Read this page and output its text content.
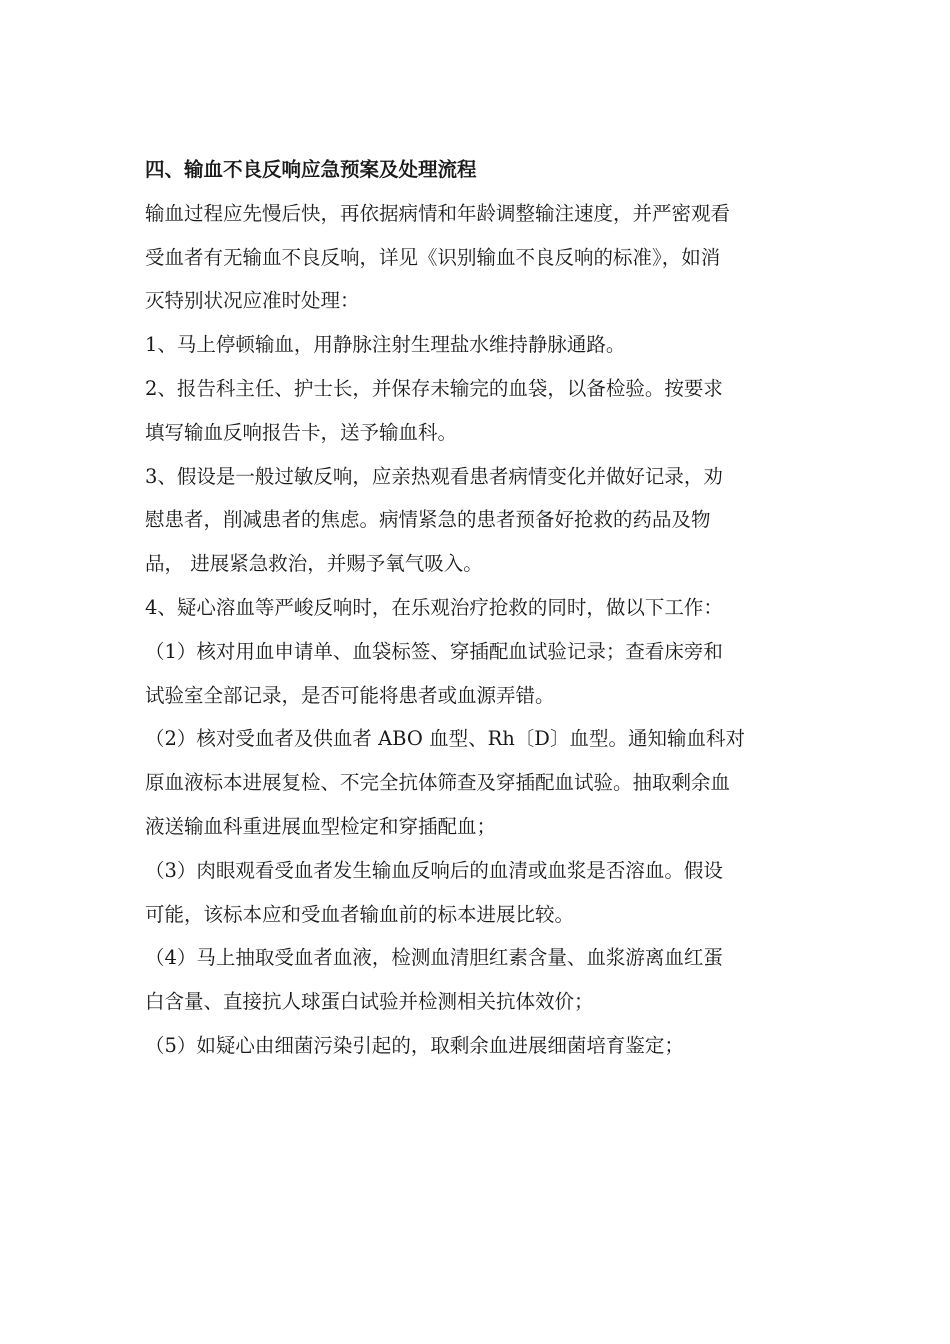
四、输血不良反响应急预案及处理流程
输血过程应先慢后快，再依据病情和年龄调整输注速度，并严密观看
受血者有无输血不良反响，详见《识别输血不良反响的标准》，如消
灭特别状况应准时处理：
1、马上停顿输血，用静脉注射生理盐水维持静脉通路。
2、报告科主任、护士长，并保存未输完的血袋，以备检验。按要求
填写输血反响报告卡，送予输血科。
3、假设是一般过敏反响，应亲热观看患者病情变化并做好记录，劝
慰患者，削减患者的焦虑。病情紧急的患者预备好抢救的药品及物
品， 进展紧急救治，并赐予氧气吸入。
4、疑心溶血等严峻反响时，在乐观治疗抢救的同时，做以下工作：
（1）核对用血申请单、血袋标签、穿插配血试验记录；查看床旁和
试验室全部记录，是否可能将患者或血源弄错。
（2）核对受血者及供血者 ABO 血型、Rh〔D〕血型。通知输血科对
原血液标本进展复检、不完全抗体筛查及穿插配血试验。抽取剩余血
液送输血科重进展血型检定和穿插配血；
（3）肉眼观看受血者发生输血反响后的血清或血浆是否溶血。假设
可能，该标本应和受血者输血前的标本进展比较。
（4）马上抽取受血者血液，检测血清胆红素含量、血浆游离血红蛋
白含量、直接抗人球蛋白试验并检测相关抗体效价；
（5）如疑心由细菌污染引起的，取剩余血进展细菌培育鉴定；
